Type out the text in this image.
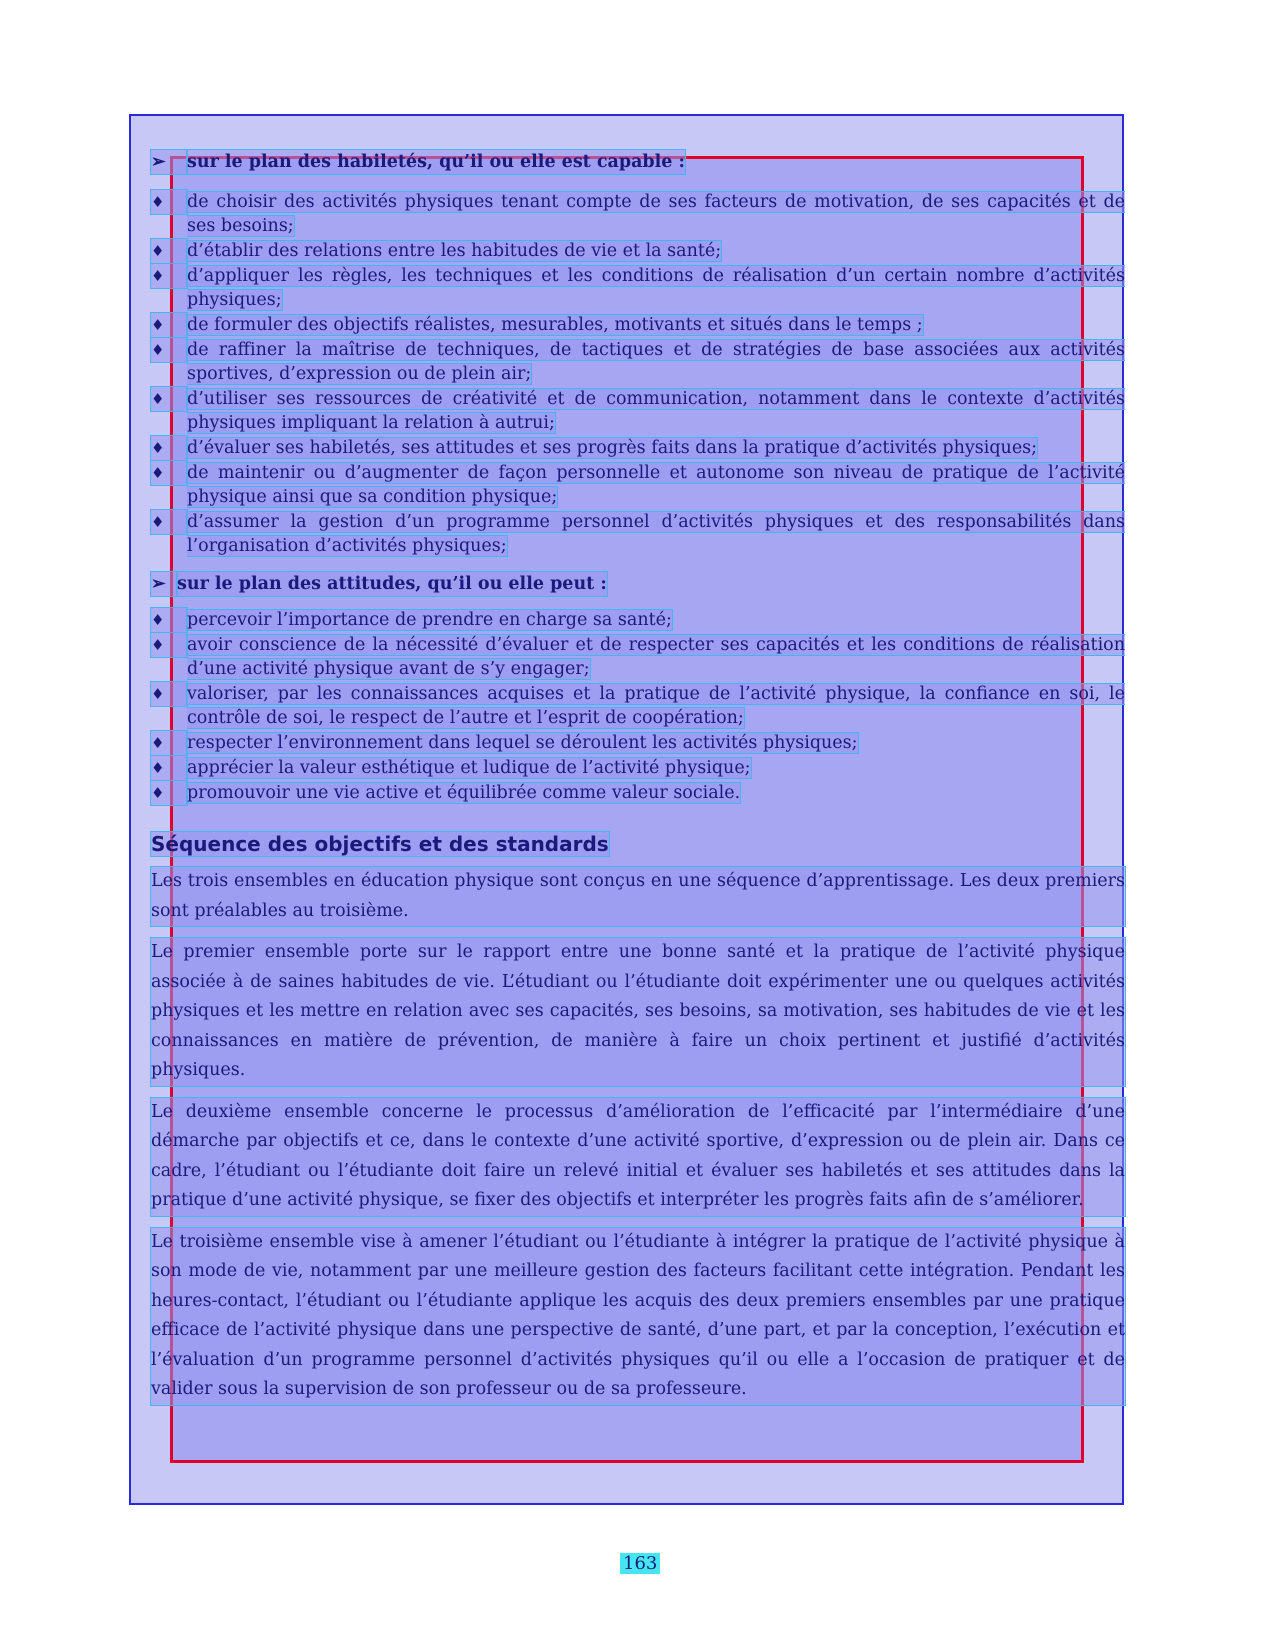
➢	sur le plan des habiletés, qu’il ou elle est capable :

♦	de choisir des activités physiques tenant compte de ses facteurs de motivation, de ses capacités et de ses besoins;
♦	d’établir des relations entre les habitudes de vie et la santé;
♦	d’appliquer les règles, les techniques et les conditions de réalisation d’un certain nombre d’activités physiques;
♦	de formuler des objectifs réalistes, mesurables, motivants et situés dans le temps ;
♦	de raffiner la maîtrise de techniques, de tactiques et de stratégies de base associées aux activités sportives, d’expression ou de plein air;
♦	d’utiliser ses ressources de créativité et de communication, notamment dans le contexte d’activités physiques impliquant la relation à autrui;
♦	d’évaluer ses habiletés, ses attitudes et ses progrès faits dans la pratique d’activités physiques;
♦	de maintenir ou d’augmenter de façon personnelle et autonome son niveau de pratique de l’activité physique ainsi que sa condition physique;
♦	d’assumer la gestion d’un programme personnel d’activités physiques et des responsabilités dans l’organisation d’activités physiques;

➢ sur le plan des attitudes, qu’il ou elle peut :

♦	percevoir l’importance de prendre en charge sa santé;
♦	avoir conscience de la nécessité d’évaluer et de respecter ses capacités et les conditions de réalisation d’une activité physique avant de s’y engager;
♦	valoriser, par les connaissances acquises et la pratique de l’activité physique, la confiance en soi, le contrôle de soi, le respect de l’autre et l’esprit de coopération;
♦	respecter l’environnement dans lequel se déroulent les activités physiques;
♦	apprécier la valeur esthétique et ludique de l’activité physique;
♦	promouvoir une vie active et équilibrée comme valeur sociale.
Séquence des objectifs et des standards

Les trois ensembles en éducation physique sont conçus en une séquence d’apprentissage. Les deux premiers sont préalables au troisième.

Le premier ensemble porte sur le rapport entre une bonne santé et la pratique de l’activité physique associée à de saines habitudes de vie. L’étudiant ou l’étudiante doit expérimenter une ou quelques activités physiques et les mettre en relation avec ses capacités, ses besoins, sa motivation, ses habitudes de vie et les connaissances en matière de prévention, de manière à faire un choix pertinent et justifié d’activités physiques.

Le deuxième ensemble concerne le processus d’amélioration de l’efficacité par l’intermédiaire d’une démarche par objectifs et ce, dans le contexte d’une activité sportive, d’expression ou de plein air. Dans ce cadre, l’étudiant ou l’étudiante doit faire un relevé initial et évaluer ses habiletés et ses attitudes dans la pratique d’une activité physique, se fixer des objectifs et interpréter les progrès faits afin de s’améliorer.

Le troisième ensemble vise à amener l’étudiant ou l’étudiante à intégrer la pratique de l’activité physique à son mode de vie, notamment par une meilleure gestion des facteurs facilitant cette intégration. Pendant les heures-contact, l’étudiant ou l’étudiante applique les acquis des deux premiers ensembles par une pratique efficace de l’activité physique dans une perspective de santé, d’une part, et par la conception, l’exécution et l’évaluation d’un programme personnel d’activités physiques qu’il ou elle a l’occasion de pratiquer et de valider sous la supervision de son professeur ou de sa professeure.

163
